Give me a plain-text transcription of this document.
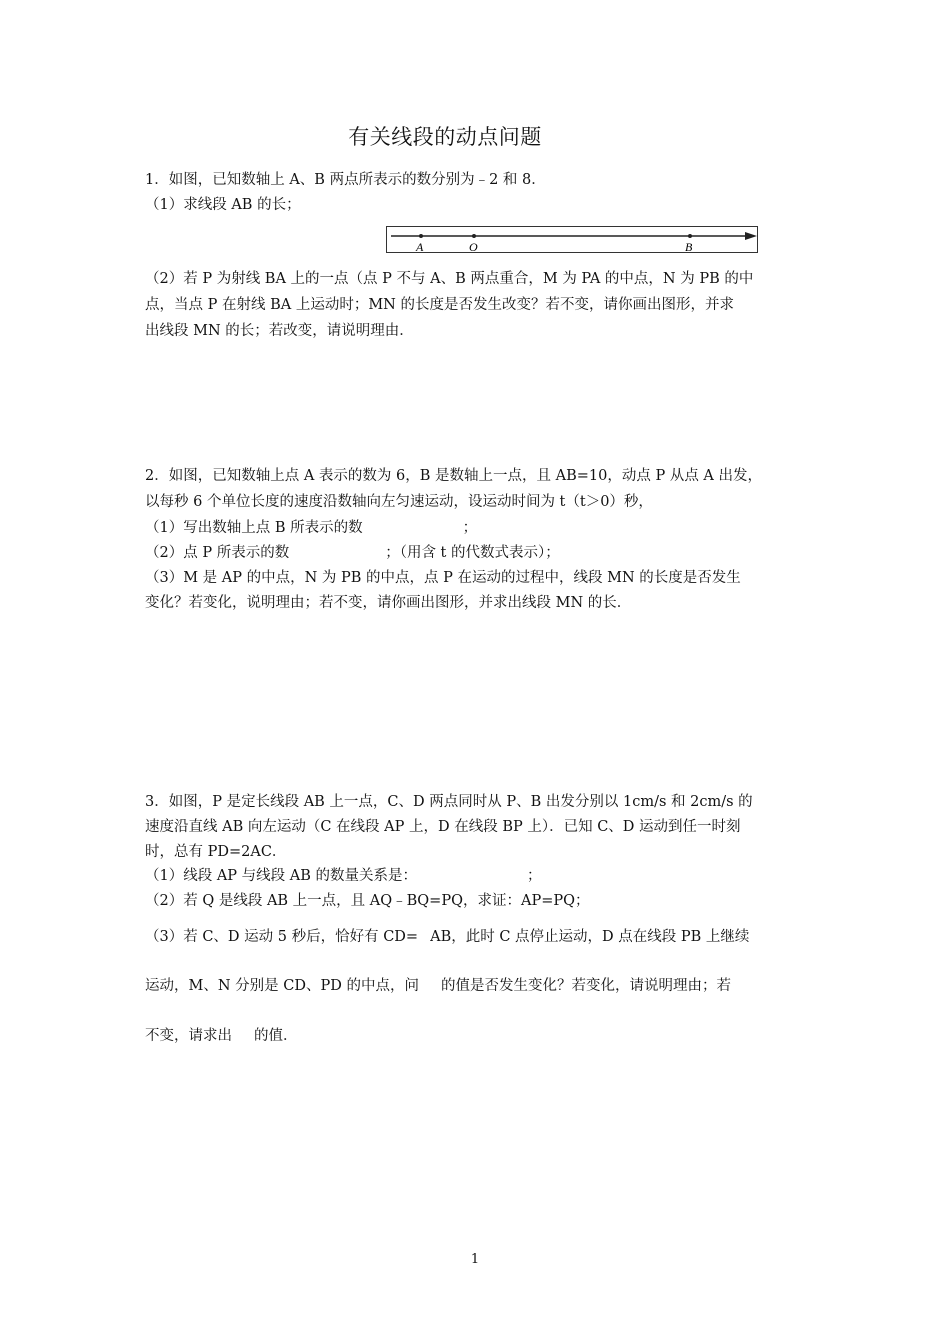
有关线段的动点问题
1．如图，已知数轴上 A、B 两点所表示的数分别为﹣2 和 8．
（1）求线段 AB 的长；
A	O	B
（2）若 P 为射线 BA 上的一点（点 P 不与 A、B 两点重合，M 为 PA 的中点，N 为 PB 的中
点，当点 P 在射线 BA 上运动时；MN 的长度是否发生改变？若不变，请你画出图形，并求
出线段 MN 的长；若改变，请说明理由．
2．如图，已知数轴上点 A 表示的数为 6，B 是数轴上一点，且 AB=10，动点 P 从点 A 出发，
以每秒 6 个单位长度的速度沿数轴向左匀速运动，设运动时间为 t（t＞0）秒，
（1）写出数轴上点 B 所表示的数	；
（2）点 P 所表示的数	；（用含 t 的代数式表示）；
（3）M 是 AP 的中点，N 为 PB 的中点，点 P 在运动的过程中，线段 MN 的长度是否发生
变化？若变化，说明理由；若不变，请你画出图形，并求出线段 MN 的长．
3．如图，P 是定长线段 AB 上一点，C、D 两点同时从 P、B 出发分别以 1cm/s 和 2cm/s 的
速度沿直线 AB 向左运动（C 在线段 AP 上，D 在线段 BP 上）．已知 C、D 运动到任一时刻
时，总有 PD=2AC．
（1）线段 AP 与线段 AB 的数量关系是：	；
（2）若 Q 是线段 AB 上一点，且 AQ﹣BQ=PQ，求证：AP=PQ；
（3）若 C、D 运动 5 秒后，恰好有 CD= AB，此时 C 点停止运动，D 点在线段 PB 上继续
运动，M、N 分别是 CD、PD 的中点，问 的值是否发生变化？若变化，请说明理由；若
不变，请求出 的值．
1
